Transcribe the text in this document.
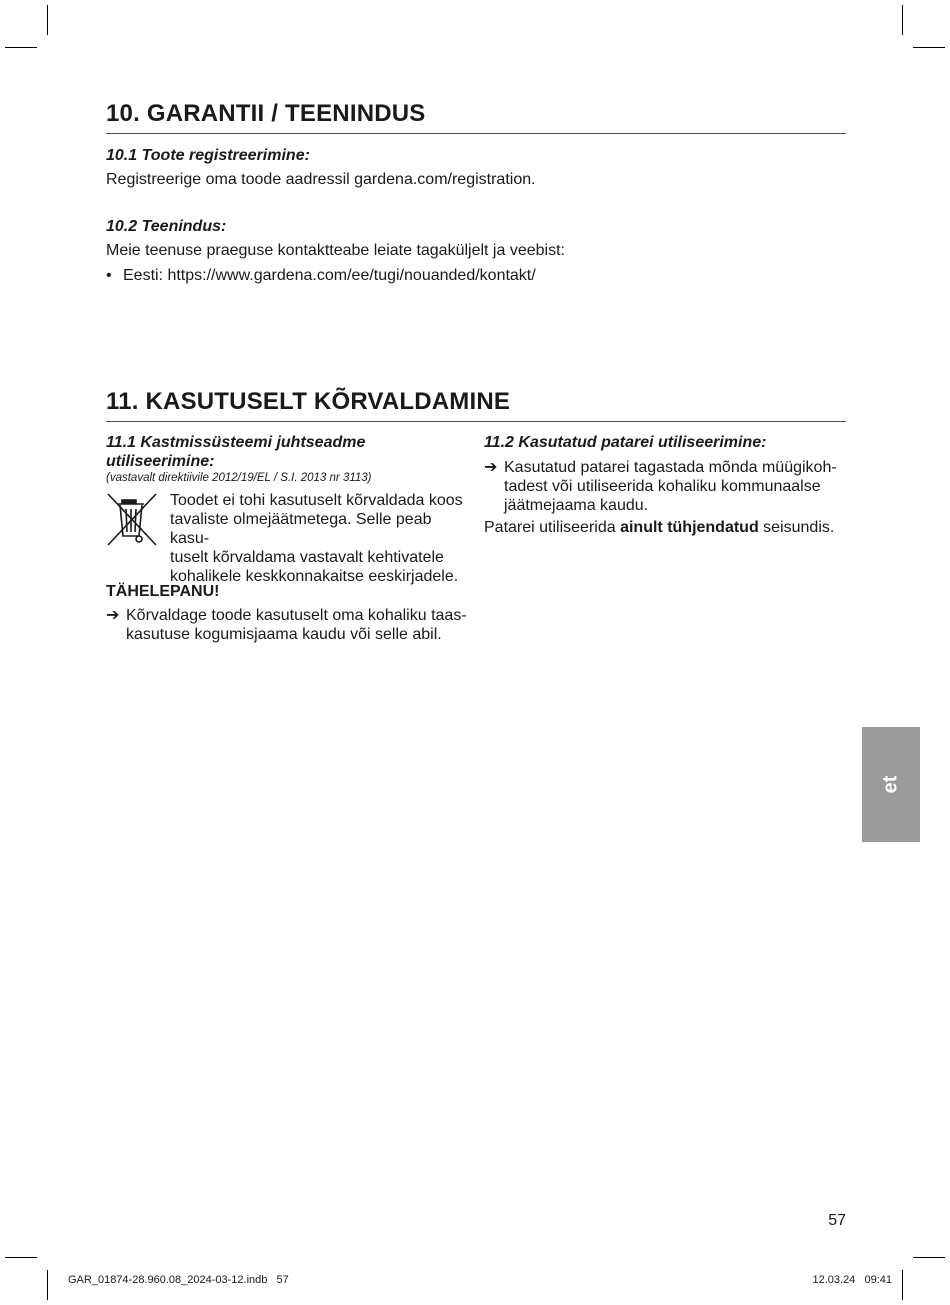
10. GARANTII / TEENINDUS

10.1 Toote registreerimine:

Registreerige oma toode aadressil gardena.com/registration.

10.2 Teenindus:

Meie teenuse praeguse kontaktteabe leiate tagaküljelt ja veebist:

• Eesti: https://www.gardena.com/ee/tugi/nouanded/kontakt/
11. KASUTUSELT KÕRVALDAMINE

11.1 Kastmissüsteemi juhtseadme

utiliseerimine:

(vastavalt direktiivile 2012/19/EL / S.I. 2013 nr 3113)

Toodet ei tohi kasutuselt kõrvaldada koos
tavaliste olmejäätmetega. Selle peab kasu-
tuselt kõrvaldama vastavalt kehtivatele
kohalikele keskkonnakaitse eeskirjadele.

TÄHELEPANU!

➔ Kõrvaldage toode kasutuselt oma kohaliku taas-
kasutuse kogumisjaama kaudu või selle abil.

11.2 Kasutatud patarei utiliseerimine:

➔ Kasutatud patarei tagastada mõnda müügikoh-
tadest või utiliseerida kohaliku kommunaalse
jäätmejaama kaudu.

Patarei utiliseerida ainult tühjendatud seisundis.

et
57
GAR_01874-28.960.08_2024-03-12.indb   57	12.03.24   09:41
